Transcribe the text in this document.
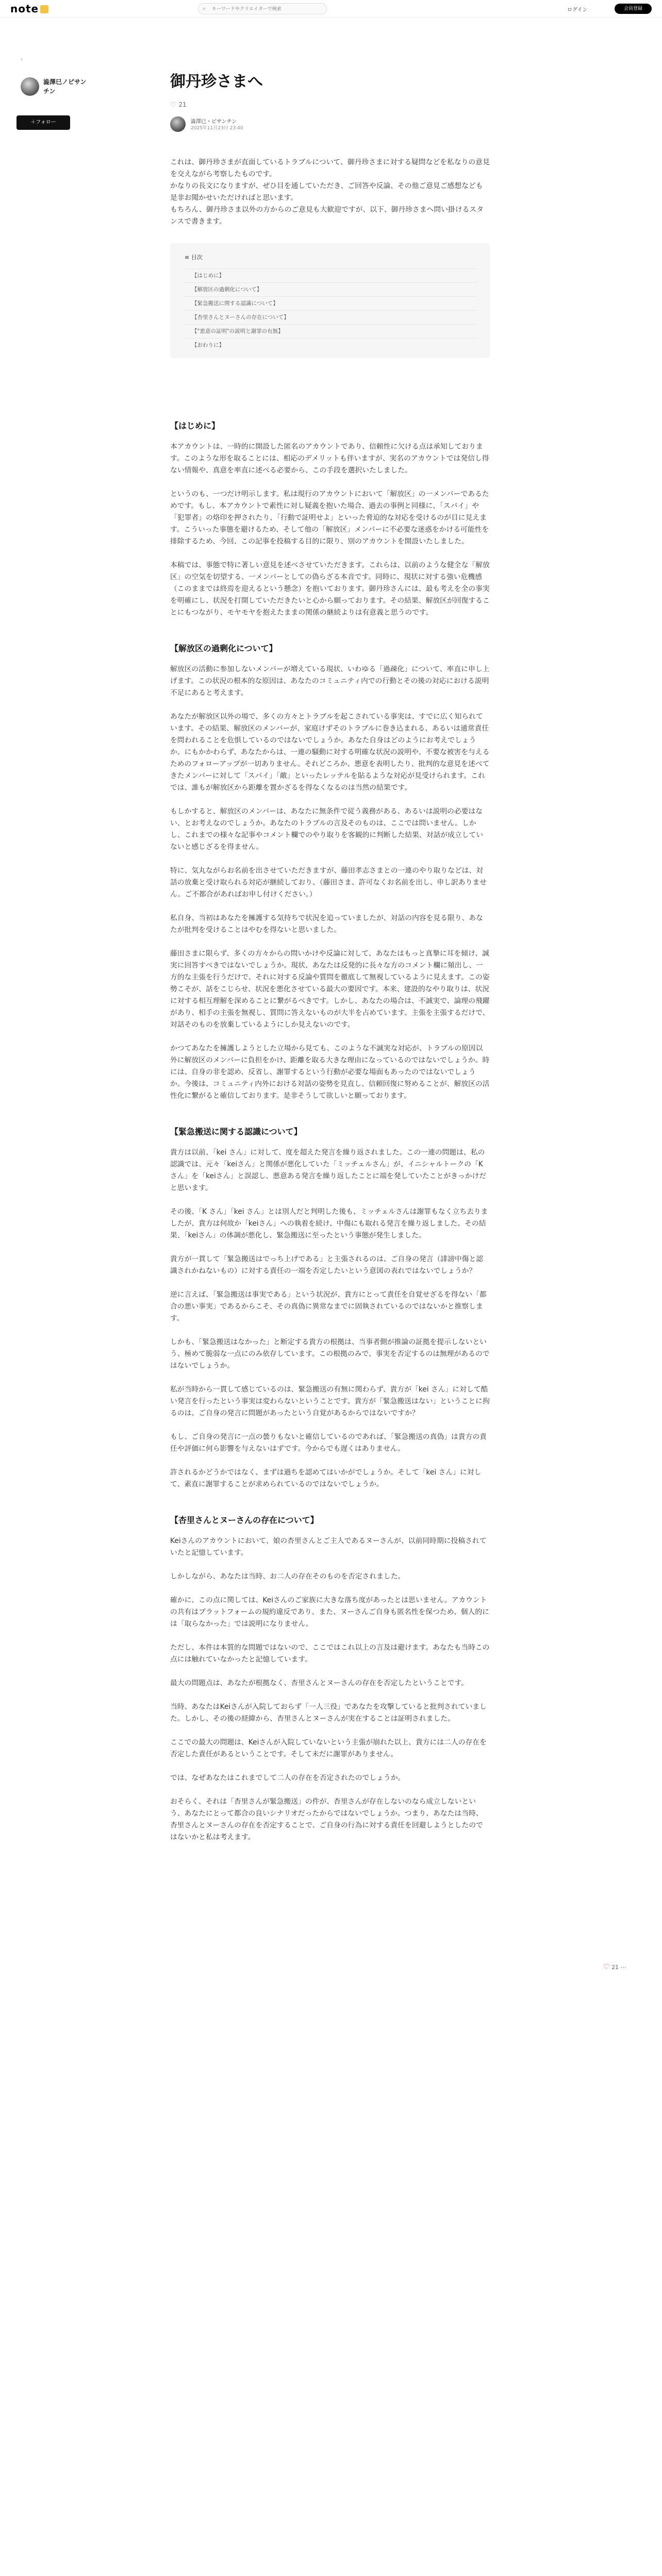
note	⌕
キーワードやクリエイターで検索	ログイン	会員登録
‹
澁澤巳ノピサンチン
＋フォロー
御丹珍さまへ
♡ 21
澁澤巳・ピサンチン
2025年11月23日 23:40

これは、御丹珍さまが直面しているトラブルについて、御丹珍さまに対する疑問などを私なりの意見を交えながら考察したものです。
かなりの長文になりますが、ぜひ目を通していただき、ご回答や反論、その他ご意見ご感想なども是非お聞かせいただければと思います。
もちろん、御丹珍さま以外の方からのご意見も大歓迎ですが、以下、御丹珍さまへ問い掛けるスタンスで書きます。

≡ 目次
【はじめに】
【解放区の過剰化について】
【緊急搬送に関する認識について】
【杏里さんとヌーさんの存在について】
【"悪意の証明"の説明と謝罪の有無】
【おわりに】
【はじめに】

本アカウントは、一時的に開設した匿名のアカウントであり、信頼性に欠ける点は承知しております。このような形を取ることには、相応のデメリットも伴いますが、実名のアカウントでは発信し得ない情報や、真意を率直に述べる必要から、この手段を選択いたしました。

というのも、一つだけ明示します。私は現行のアカウントにおいて「解放区」の一メンバーであるためです。もし、本アカウントで素性に対し疑義を抱いた場合、過去の事例と同様に、「スパイ」や「犯罪者」の烙印を押されたり、「行動で証明せよ」といった脅迫的な対応を受けるのが目に見えます。こういった事態を避けるため、そして他の「解放区」メンバーに不必要な迷惑をかける可能性を排除するため、今回、この記事を投稿する目的に限り、別のアカウントを開設いたしました。

本稿では、事態で特に著しい意見を述べさせていただきます。これらは、以前のような健全な「解放区」の空気を切望する、一メンバーとしての偽らざる本音です。同時に、現状に対する強い危機感（このままでは終焉を迎えるという懸念）を抱いております。御丹珍さんには、最も考えを全の事実を明確にし、状況を打開していただきたいと心から願っております。その結果、解放区が回復することにもつながり、モヤモヤを抱えたままの関係の継続よりは有意義と思うのです。

【解放区の過剰化について】

解放区の活動に参加しないメンバーが増えている現状、いわゆる「過疎化」について、率直に申し上げます。この状況の根本的な原因は、あなたのコミュニティ内での行動とその後の対応における説明不足にあると考えます。

あなたが解放区以外の場で、多くの方々とトラブルを起こされている事実は、すでに広く知られています。その結果、解放区のメンバーが、家庭けずそのトラブルに巻き込まれる、あるいは通常責任を問われることを危惧しているのではないでしょうか。あなた自身はどのようにお考えでしょうか。にもかかわらず、あなたからは、一連の騒動に対する明確な状況の説明や、不要な被害を与えるためのフォローアップが一切ありません。それどころか、悪意を表明したり、批判的な意見を述べてきたメンバーに対して「スパイ」「敵」といったレッテルを貼るような対応が見受けられます。これでは、誰もが解放区から距離を置かざるを得なくなるのは当然の結果です。

もしかすると、解放区のメンバーは、あなたに無条件で従う義務がある、あるいは説明の必要はない、とお考えなのでしょうか。あなたのトラブルの言及そのものは、ここでは問いません。しかし、これまでの様々な記事やコメント欄でのやり取りを客観的に判断した結果、対話が成立していないと感じざるを得ません。

特に、気丸ながらお名前を出させていただきますが、藤田孝志さまとの一連のやり取りなどは、対話の放棄と受け取られる対応が継続しており、（藤田さま、許可なくお名前を出し、申し訳ありません。ご不都合があればお申し付けください。）

私自身、当初はあなたを擁護する気持ちで状況を追っていましたが、対話の内容を見る限り、あなたが批判を受けることはやむを得ないと思いました。

藤田さまに限らず、多くの方々からの問いかけや反論に対して、あなたはもっと真摯に耳を傾け、誠実に回答すべきではないでしょうか。現状、あなたは反発的に長々な方のコメント欄に頻出し、一方的な主張を行うだけで、それに対する反論や質問を徹底して無視しているように見えます。この姿勢こそが、話をこじらせ、状況を悪化させている最大の要因です。本来、建設的なやり取りは、状況に対する相互理解を深めることに繋がるべきです。しかし、あなたの場合は、不誠実で、論理の飛躍があり、相手の主張を無視し、質問に答えないものが大半を占めています。主張を主張するだけで、対話そのものを放棄しているようにしか見えないのです。

かつてあなたを擁護しようとした立場から見ても、このような不誠実な対応が、トラブルの原因以外に解放区のメンバーに負担をかけ、距離を取る大きな理由になっているのではないでしょうか。時には、自身の非を認め、反省し、謝罪するという行動が必要な場面もあったのではないでしょうか。今後は、コミュニティ内外における対話の姿勢を見直し、信頼回復に努めることが、解放区の活性化に繋がると確信しております。是非そうして欲しいと願っております。

【緊急搬送に関する認識について】

貴方は以前、「kei さん」に対して、度を超えた発言を繰り返されました。この一連の問題は、私の認識では、元々「keiさん」と関係が悪化していた「ミッチェルさん」が、イニシャルトークの「K さん」を「keiさん」と誤認し、悪意ある発言を繰り返したことに端を発していたことがきっかけだと思います。

その後、「K さん」「kei さん」とは別人だと判明した後も、ミッチェルさんは謝罪もなく立ち去りましたが、貴方は何故か「keiさん」への執着を続け、中傷にも取れる発言を繰り返しました。その結果、「keiさん」の体調が悪化し、緊急搬送に至ったという事態が発生しました。

貴方が一貫して「緊急搬送はでっち上げである」と主張されるのは、ご自身の発言（誹謗中傷と認識されかねないもの）に対する責任の一端を否定したいという意図の表れではないでしょうか？

逆に言えば、「緊急搬送は事実である」という状況が、貴方にとって責任を自覚せざるを得ない「都合の悪い事実」であるからこそ、その真偽に異常なまでに固執されているのではないかと推察します。

しかも、「緊急搬送はなかった」と断定する貴方の根拠は、当事者側が推論の証拠を提示しないという、極めて脆弱な一点にのみ依存しています。この根拠のみで、事実を否定するのは無理があるのではないでしょうか。

私が当時から一貫して感じているのは、緊急搬送の有無に関わらず、貴方が「kei さん」に対して酷い発言を行ったという事実は変わらないということです。貴方が「緊急搬送はない」ということに拘るのは、ご自身の発言に問題があったという自覚があるからではないですか？

もし、ご自身の発言に一点の曇りもないと確信しているのであれば、「緊急搬送の真偽」は貴方の責任や評価に何ら影響を与えないはずです。今からでも遅くはありません。

許されるかどうかではなく、まずは過ちを認めてはいかがでしょうか。そして「kei さん」に対して、素直に謝罪することが求められているのではないでしょうか。

【杏里さんとヌーさんの存在について】

Keiさんのアカウントにおいて、娘の杏里さんとご主人であるヌーさんが、以前同時期に投稿されていたと記憶しています。

しかしながら、あなたは当時、お二人の存在そのものを否定されました。

確かに、この点に関しては、Keiさんのご家族に大きな落ち度があったとは思いません。アカウントの共有はプラットフォームの規約違反であり、また、ヌーさんご自身も匿名性を保つため、個人的には「取らなかった」では説明になりません。

ただし、本件は本質的な問題ではないので、ここではこれ以上の言及は避けます。あなたも当時この点には触れていなかったと記憶しています。

最大の問題点は、あなたが根拠なく、杏里さんとヌーさんの存在を否定したということです。

当時、あなたはKeiさんが入院しておらず「一人三役」であなたを攻撃していると批判されていました。しかし、その後の経緯から、杏里さんとヌーさんが実在することは証明されました。

ここでの最大の問題は、Keiさんが入院していないという主張が崩れた以上、貴方には二人の存在を否定した責任があるということです。そして未だに謝罪がありません。

では、なぜあなたはこれまでして二人の存在を否定されたのでしょうか。

おそらく、それは「杏里さんが緊急搬送」の件が、杏里さんが存在しないのなら成立しないという、あなたにとって都合の良いシナリオだったからではないでしょうか。つまり、あなたは当時、杏里さんとヌーさんの存在を否定することで、ご自身の行為に対する責任を回避しようとしたのではないかと私は考えます。

♡ 21 ⋯
